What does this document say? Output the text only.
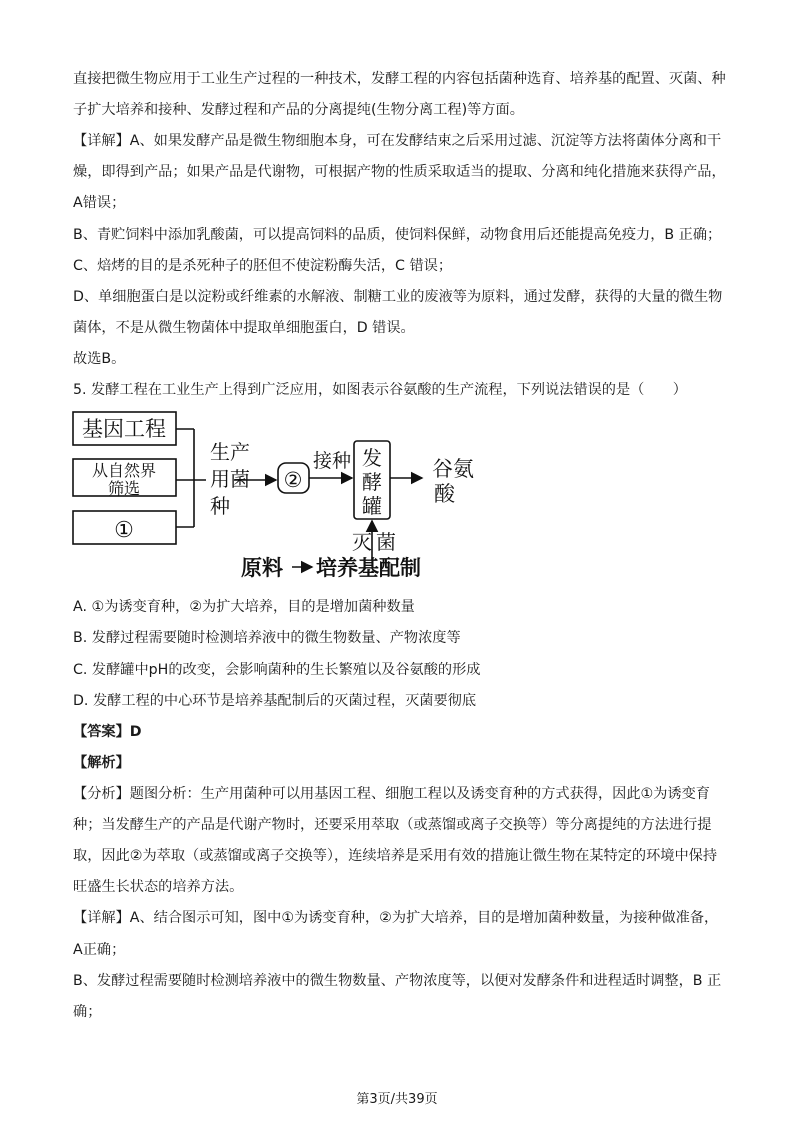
直接把微生物应用于工业生产过程的一种技术，发酵工程的内容包括菌种选育、培养基的配置、灭菌、种
子扩大培养和接种、发酵过程和产品的分离提纯(生物分离工程)等方面。
【详解】A、如果发酵产品是微生物细胞本身，可在发酵结束之后采用过滤、沉淀等方法将菌体分离和干
燥，即得到产品；如果产品是代谢物，可根据产物的性质采取适当的提取、分离和纯化措施来获得产品，
A错误；
B、青贮饲料中添加乳酸菌，可以提高饲料的品质，使饲料保鲜，动物食用后还能提高免疫力，B 正确；
C、焙烤的目的是杀死种子的胚但不使淀粉酶失活，C 错误；
D、单细胞蛋白是以淀粉或纤维素的水解液、制糖工业的废液等为原料，通过发酵，获得的大量的微生物
菌体，不是从微生物菌体中提取单细胞蛋白，D 错误。
故选B。
5. 发酵工程在工业生产上得到广泛应用，如图表示谷氨酸的生产流程，下列说法错误的是（　　）
基因工程
从自然界
筛选
①
生产
用菌
种
②
接种 发
酵
罐
谷氨
酸
灭 菌
原料 培养基配制
A. ①为诱变育种，②为扩大培养，目的是增加菌种数量
B. 发酵过程需要随时检测培养液中的微生物数量、产物浓度等
C. 发酵罐中pH的改变，会影响菌种的生长繁殖以及谷氨酸的形成
D. 发酵工程的中心环节是培养基配制后的灭菌过程，灭菌要彻底
【答案】D
【解析】
【分析】题图分析：生产用菌种可以用基因工程、细胞工程以及诱变育种的方式获得，因此①为诱变育
种；当发酵生产的产品是代谢产物时，还要采用萃取（或蒸馏或离子交换等）等分离提纯的方法进行提
取，因此②为萃取（或蒸馏或离子交换等），连续培养是采用有效的措施让微生物在某特定的环境中保持
旺盛生长状态的培养方法。
【详解】A、结合图示可知，图中①为诱变育种，②为扩大培养，目的是增加菌种数量，为接种做准备，
A正确；
B、发酵过程需要随时检测培养液中的微生物数量、产物浓度等，以便对发酵条件和进程适时调整，B 正
确；
第3页/共39页
